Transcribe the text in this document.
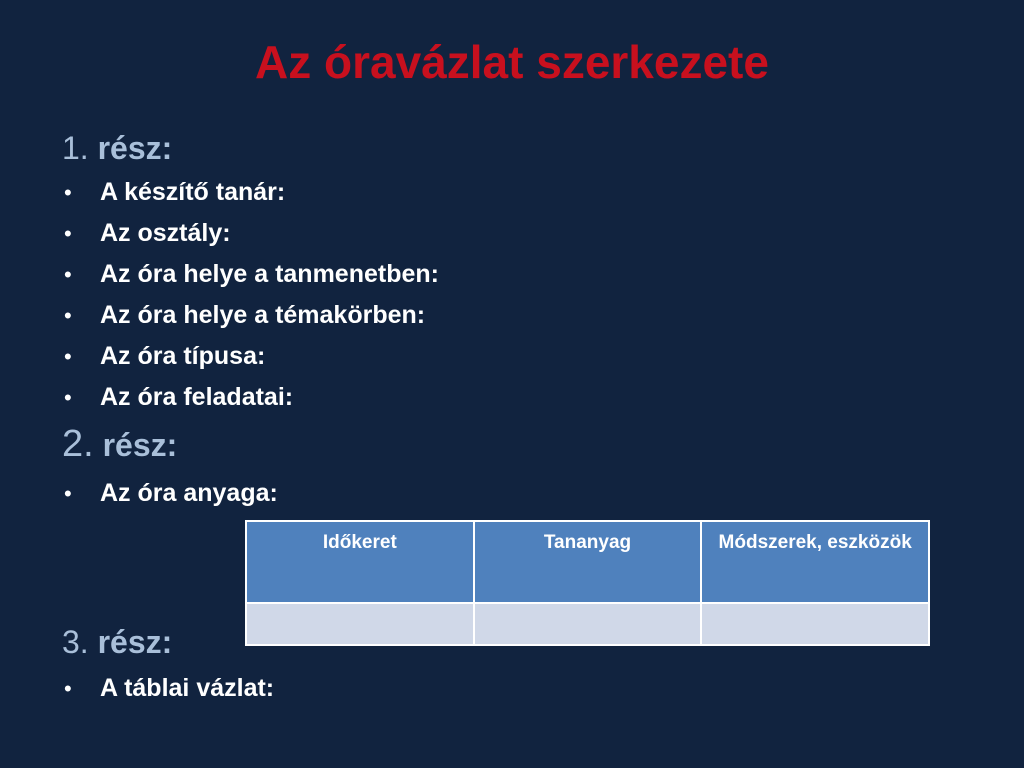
Az óravázlat szerkezete
1. rész:
• A készítő tanár:
• Az osztály:
• Az óra helye a tanmenetben:
• Az óra helye a témakörben:
• Az óra típusa:
• Az óra feladatai:
2. rész:
• Az óra anyaga:
Időkeret	Tananyag	Módszerek, eszközök

3. rész:
• A táblai vázlat:
